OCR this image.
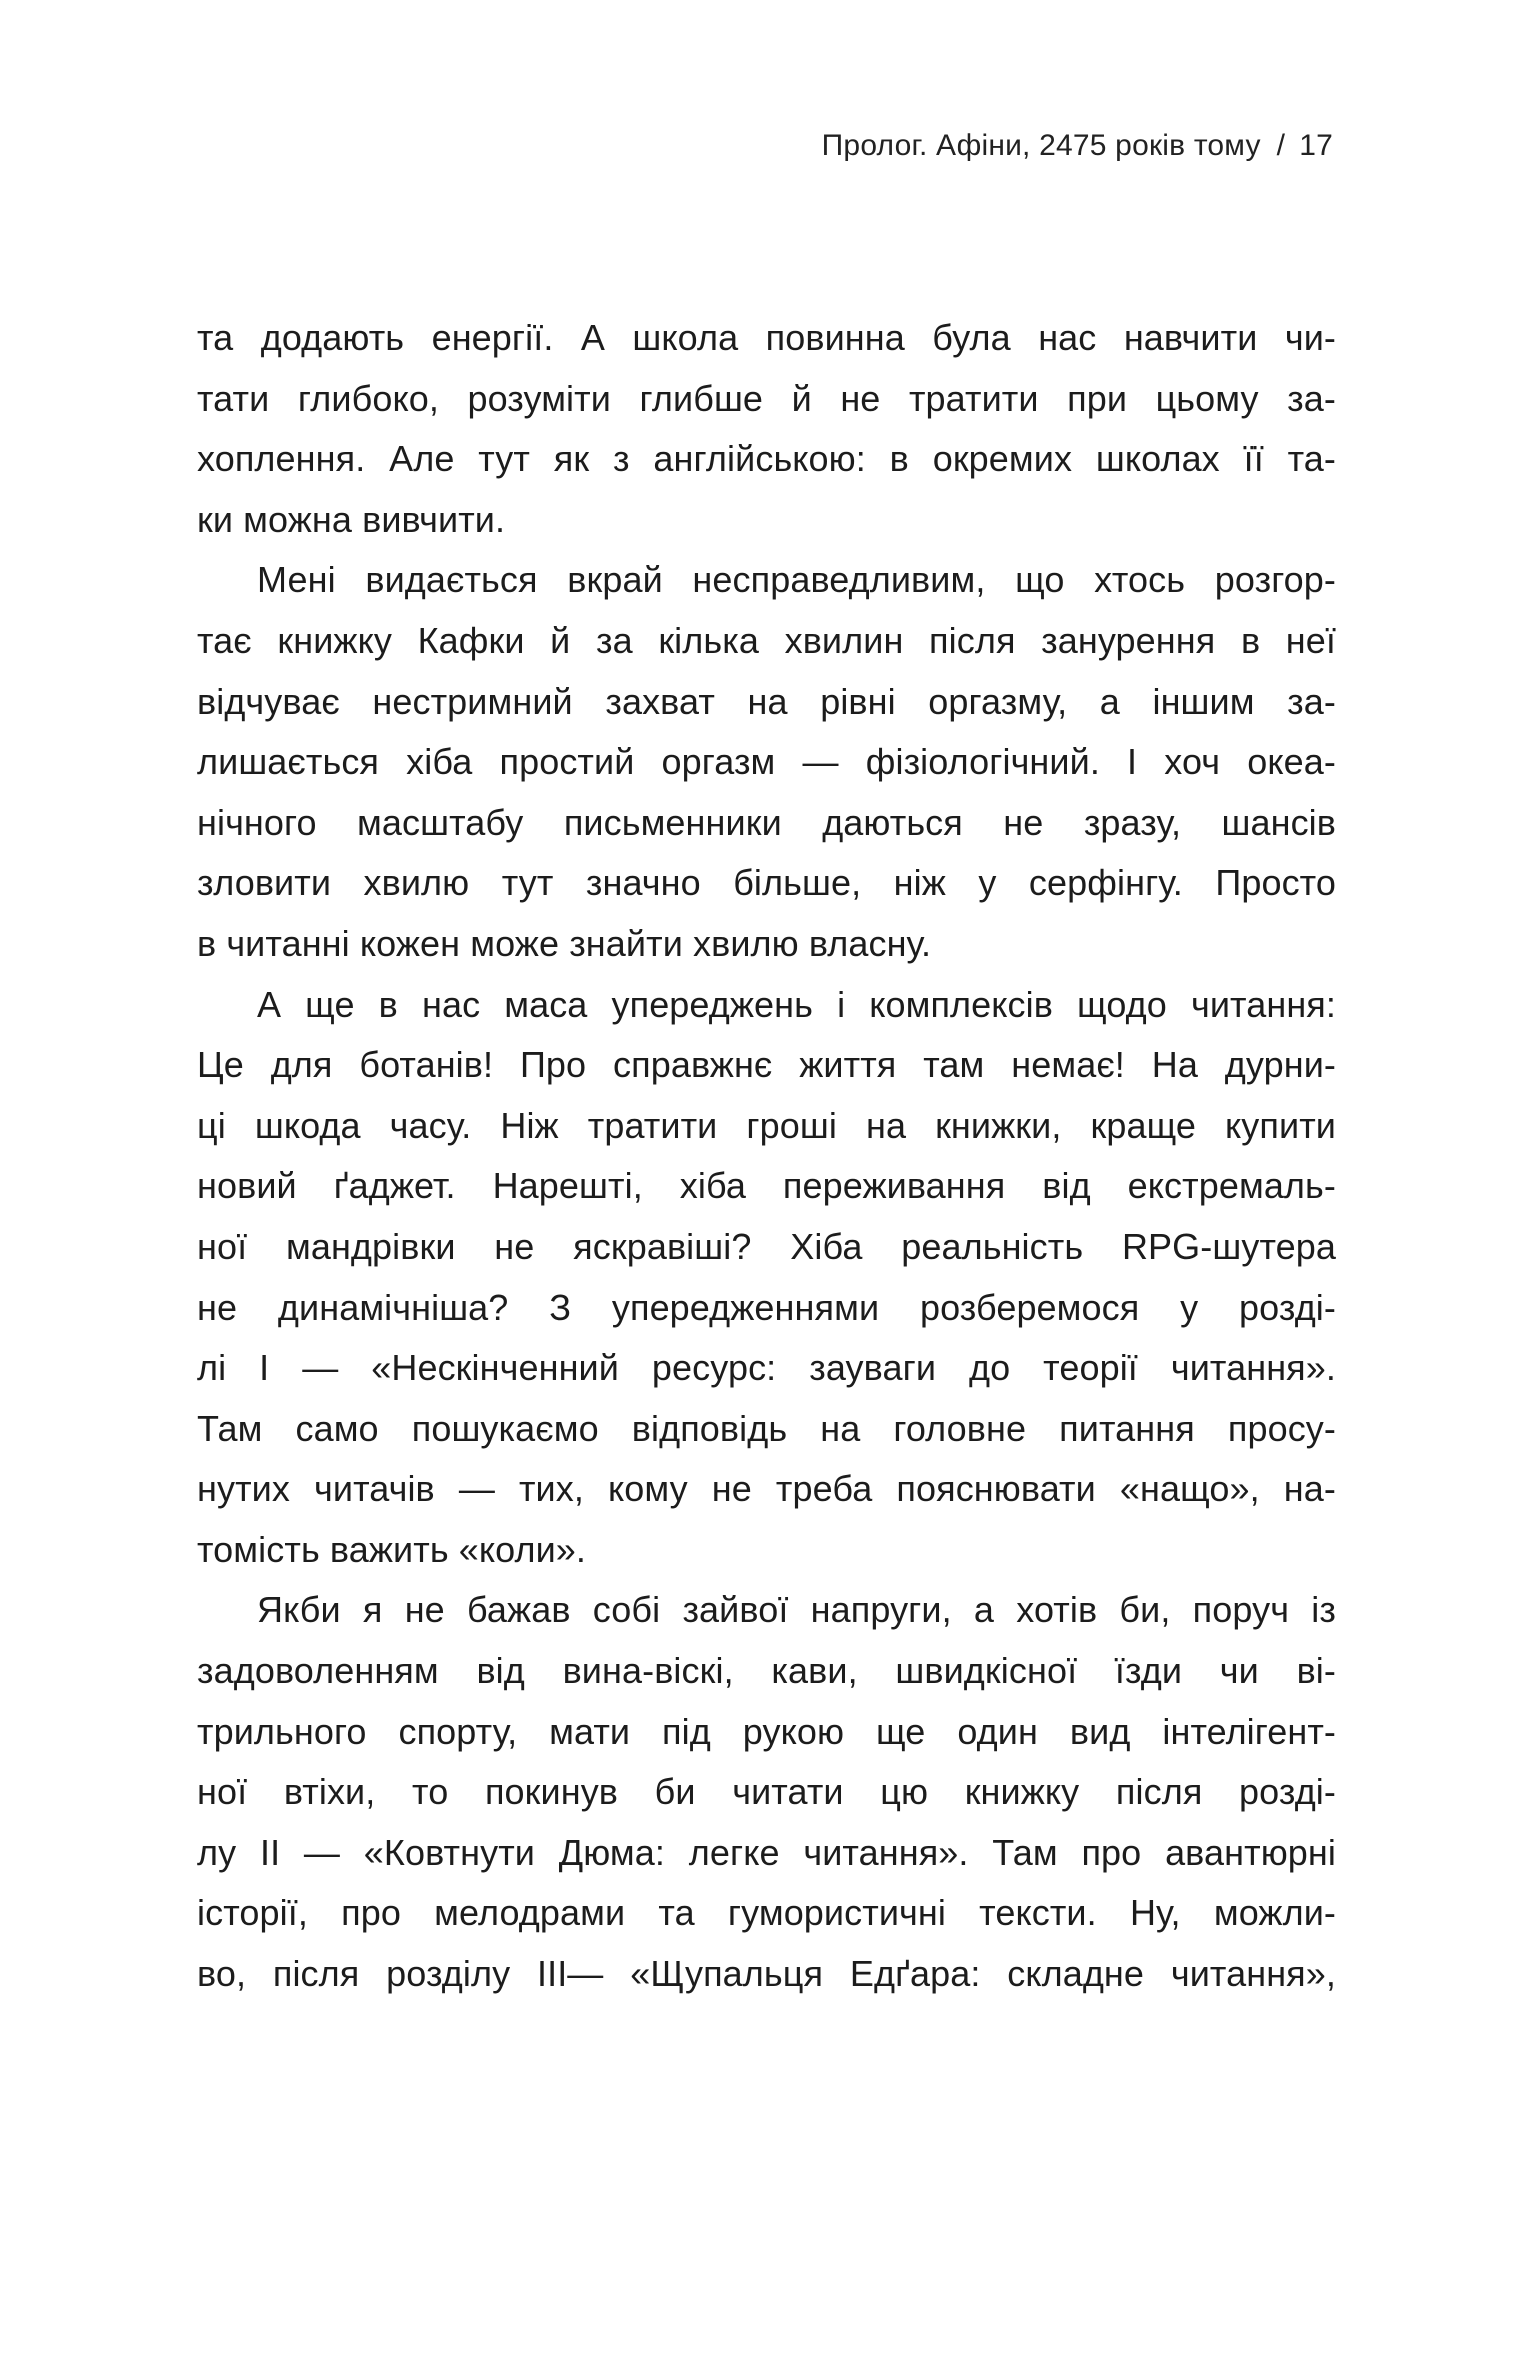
Пролог. Афіни, 2475 років тому / 17
та додають енергії. А школа повинна була нас навчити чи-
тати глибоко, розуміти глибше й не тратити при цьому за-
хоплення. Але тут як з англійською: в окремих школах її та-
ки можна вивчити.
Мені видається вкрай несправедливим, що хтось розгор-
тає книжку Кафки й за кілька хвилин після занурення в неї
відчуває нестримний захват на рівні оргазму, а іншим за-
лишається хіба простий оргазм — фізіологічний. І хоч океа-
нічного масштабу письменники даються не зразу, шансів
зловити хвилю тут значно більше, ніж у серфінгу. Просто
в читанні кожен може знайти хвилю власну.
А ще в нас маса упереджень і комплексів щодо читання:
Це для ботанів! Про справжнє життя там немає! На дурни-
ці шкода часу. Ніж тратити гроші на книжки, краще купити
новий ґаджет. Нарешті, хіба переживання від екстремаль-
ної мандрівки не яскравіші? Хіба реальність RPG-шутера
не динамічніша? З упередженнями розберемося у розді-
лі І — «Нескінченний ресурс: зауваги до теорії читання».
Там само пошукаємо відповідь на головне питання просу-
нутих читачів — тих, кому не треба пояснювати «нащо», на-
томість важить «коли».
Якби я не бажав собі зайвої напруги, а хотів би, поруч із
задоволенням від вина-віскі, кави, швидкісної їзди чи ві-
трильного спорту, мати під рукою ще один вид інтелігент-
ної втіхи, то покинув би читати цю книжку після розді-
лу ІІ — «Ковтнути Дюма: легке читання». Там про авантюрні
історії, про мелодрами та гумористичні тексти. Ну, можли-
во, після розділу ІІІ— «Щупальця Едґара: складне читання»,
